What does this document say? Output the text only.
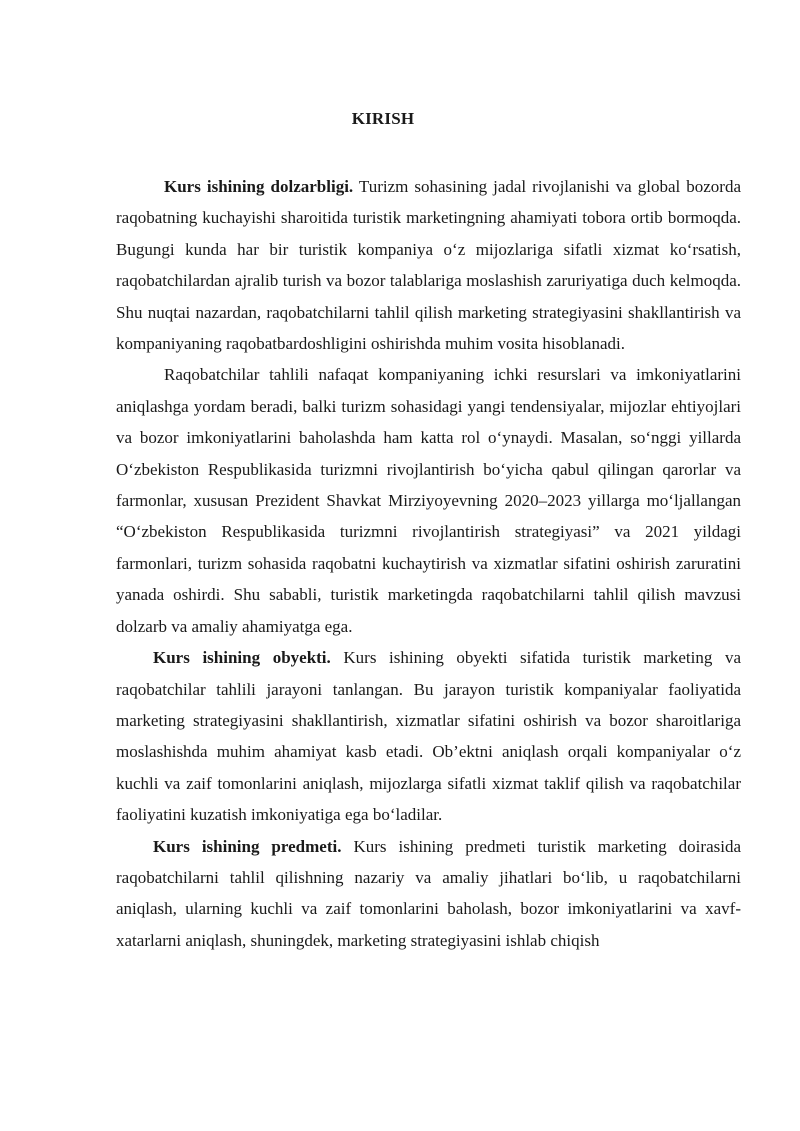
KIRISH

Kurs ishining dolzarbligi. Turizm sohasining jadal rivojlanishi va global bozorda raqobatning kuchayishi sharoitida turistik marketingning ahamiyati tobora ortib bormoqda. Bugungi kunda har bir turistik kompaniya o‘z mijozlariga sifatli xizmat ko‘rsatish, raqobatchilardan ajralib turish va bozor talablariga moslashish zaruriyatiga duch kelmoqda. Shu nuqtai nazardan, raqobatchilarni tahlil qilish marketing strategiyasini shakllantirish va kompaniyaning raqobatbardoshligini oshirishda muhim vosita hisoblanadi.

Raqobatchilar tahlili nafaqat kompaniyaning ichki resurslari va imkoniyatlarini aniqlashga yordam beradi, balki turizm sohasidagi yangi tendensiyalar, mijozlar ehtiyojlari va bozor imkoniyatlarini baholashda ham katta rol o‘ynaydi. Masalan, so‘nggi yillarda O‘zbekiston Respublikasida turizmni rivojlantirish bo‘yicha qabul qilingan qarorlar va farmonlar, xususan Prezident Shavkat Mirziyoyevning 2020–2023 yillarga mo‘ljallangan “O‘zbekiston Respublikasida turizmni rivojlantirish strategiyasi” va 2021 yildagi farmonlari, turizm sohasida raqobatni kuchaytirish va xizmatlar sifatini oshirish zaruratini yanada oshirdi. Shu sababli, turistik marketingda raqobatchilarni tahlil qilish mavzusi dolzarb va amaliy ahamiyatga ega.

Kurs ishining obyekti. Kurs ishining obyekti sifatida turistik marketing va raqobatchilar tahlili jarayoni tanlangan. Bu jarayon turistik kompaniyalar faoliyatida marketing strategiyasini shakllantirish, xizmatlar sifatini oshirish va bozor sharoitlariga moslashishda muhim ahamiyat kasb etadi. Ob’ektni aniqlash orqali kompaniyalar o‘z kuchli va zaif tomonlarini aniqlash, mijozlarga sifatli xizmat taklif qilish va raqobatchilar faoliyatini kuzatish imkoniyatiga ega bo‘ladilar.

Kurs ishining predmeti. Kurs ishining predmeti turistik marketing doirasida raqobatchilarni tahlil qilishning nazariy va amaliy jihatlari bo‘lib, u raqobatchilarni aniqlash, ularning kuchli va zaif tomonlarini baholash, bozor imkoniyatlarini va xavf-xatarlarni aniqlash, shuningdek, marketing strategiyasini ishlab chiqish
